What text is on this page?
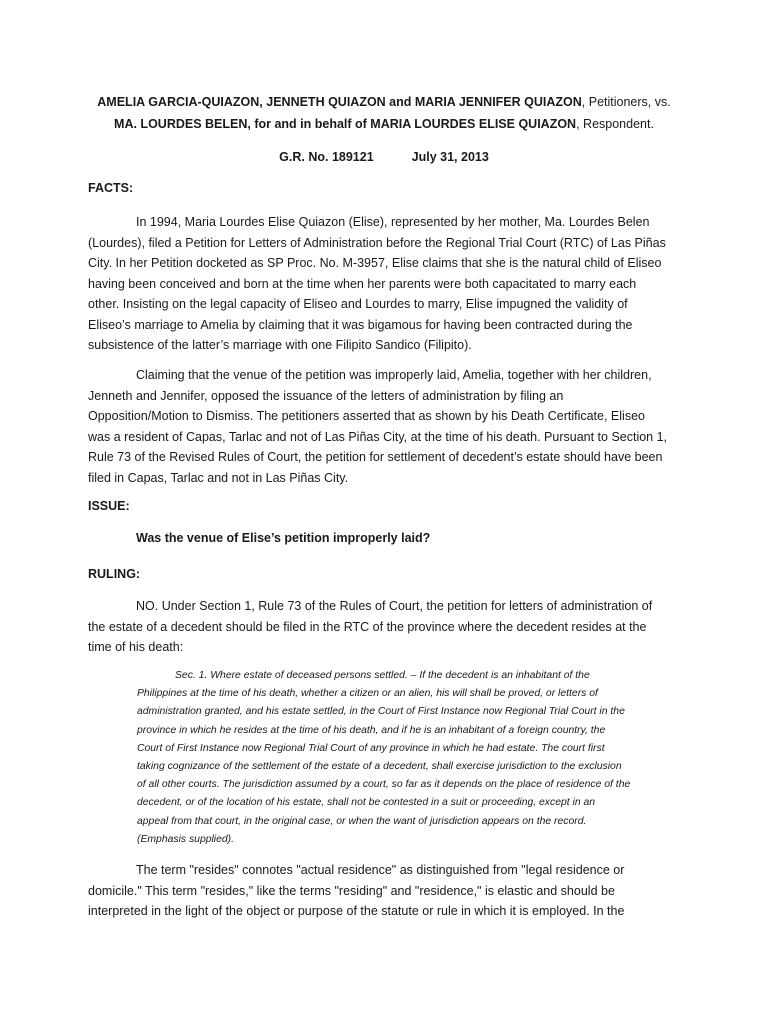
AMELIA GARCIA-QUIAZON, JENNETH QUIAZON and MARIA JENNIFER QUIAZON, Petitioners, vs.
MA. LOURDES BELEN, for and in behalf of MARIA LOURDES ELISE QUIAZON, Respondent.
G.R. No. 189121	July 31, 2013
FACTS:
In 1994, Maria Lourdes Elise Quiazon (Elise), represented by her mother, Ma. Lourdes Belen
(Lourdes), filed a Petition for Letters of Administration before the Regional Trial Court (RTC) of Las Piñas
City. In her Petition docketed as SP Proc. No. M-3957, Elise claims that she is the natural child of Eliseo
having been conceived and born at the time when her parents were both capacitated to marry each
other. Insisting on the legal capacity of Eliseo and Lourdes to marry, Elise impugned the validity of
Eliseo’s marriage to Amelia by claiming that it was bigamous for having been contracted during the
subsistence of the latter’s marriage with one Filipito Sandico (Filipito).
Claiming that the venue of the petition was improperly laid, Amelia, together with her children,
Jenneth and Jennifer, opposed the issuance of the letters of administration by filing an
Opposition/Motion to Dismiss. The petitioners asserted that as shown by his Death Certificate, Eliseo
was a resident of Capas, Tarlac and not of Las Piñas City, at the time of his death. Pursuant to Section 1,
Rule 73 of the Revised Rules of Court, the petition for settlement of decedent’s estate should have been
filed in Capas, Tarlac and not in Las Piñas City.
ISSUE:
Was the venue of Elise’s petition improperly laid?
RULING:
NO. Under Section 1, Rule 73 of the Rules of Court, the petition for letters of administration of
the estate of a decedent should be filed in the RTC of the province where the decedent resides at the
time of his death:
Sec. 1. Where estate of deceased persons settled. – If the decedent is an inhabitant of the
Philippines at the time of his death, whether a citizen or an alien, his will shall be proved, or letters of
administration granted, and his estate settled, in the Court of First Instance now Regional Trial Court in the
province in which he resides at the time of his death, and if he is an inhabitant of a foreign country, the
Court of First Instance now Regional Trial Court of any province in which he had estate. The court first
taking cognizance of the settlement of the estate of a decedent, shall exercise jurisdiction to the exclusion
of all other courts. The jurisdiction assumed by a court, so far as it depends on the place of residence of the
decedent, or of the location of his estate, shall not be contested in a suit or proceeding, except in an
appeal from that court, in the original case, or when the want of jurisdiction appears on the record.
(Emphasis supplied).
The term "resides" connotes "actual residence" as distinguished from "legal residence or
domicile." This term "resides," like the terms "residing" and "residence," is elastic and should be
interpreted in the light of the object or purpose of the statute or rule in which it is employed. In the
